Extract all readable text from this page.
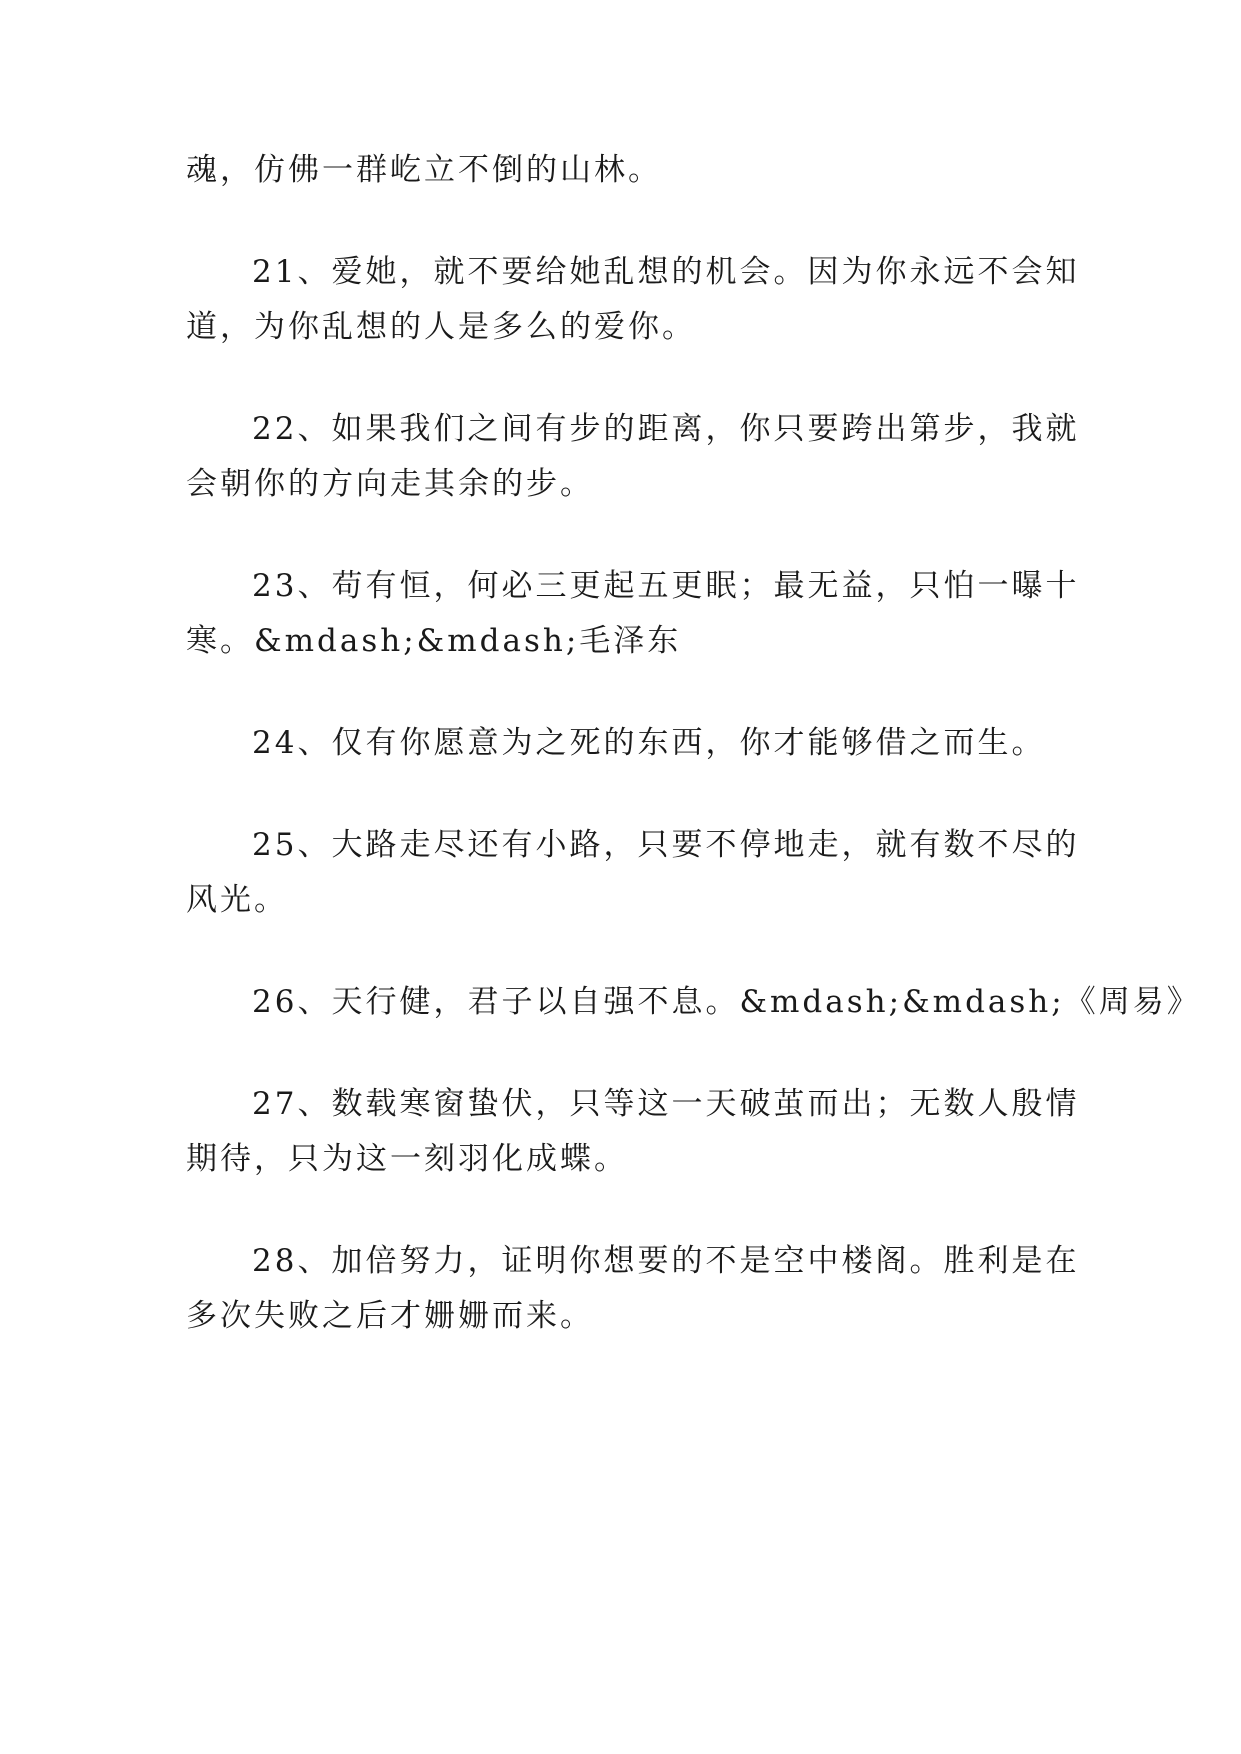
魂，仿佛一群屹立不倒的山林。
21、爱她，就不要给她乱想的机会。因为你永远不会知
道，为你乱想的人是多么的爱你。
22、如果我们之间有步的距离，你只要跨出第步，我就
会朝你的方向走其余的步。
23、苟有恒，何必三更起五更眠；最无益，只怕一曝十
寒。&mdash;&mdash;毛泽东
24、仅有你愿意为之死的东西，你才能够借之而生。
25、大路走尽还有小路，只要不停地走，就有数不尽的
风光。
26、天行健，君子以自强不息。&mdash;&mdash;《周易》
27、数载寒窗蛰伏，只等这一天破茧而出；无数人殷情
期待，只为这一刻羽化成蝶。
28、加倍努力，证明你想要的不是空中楼阁。胜利是在
多次失败之后才姗姗而来。
